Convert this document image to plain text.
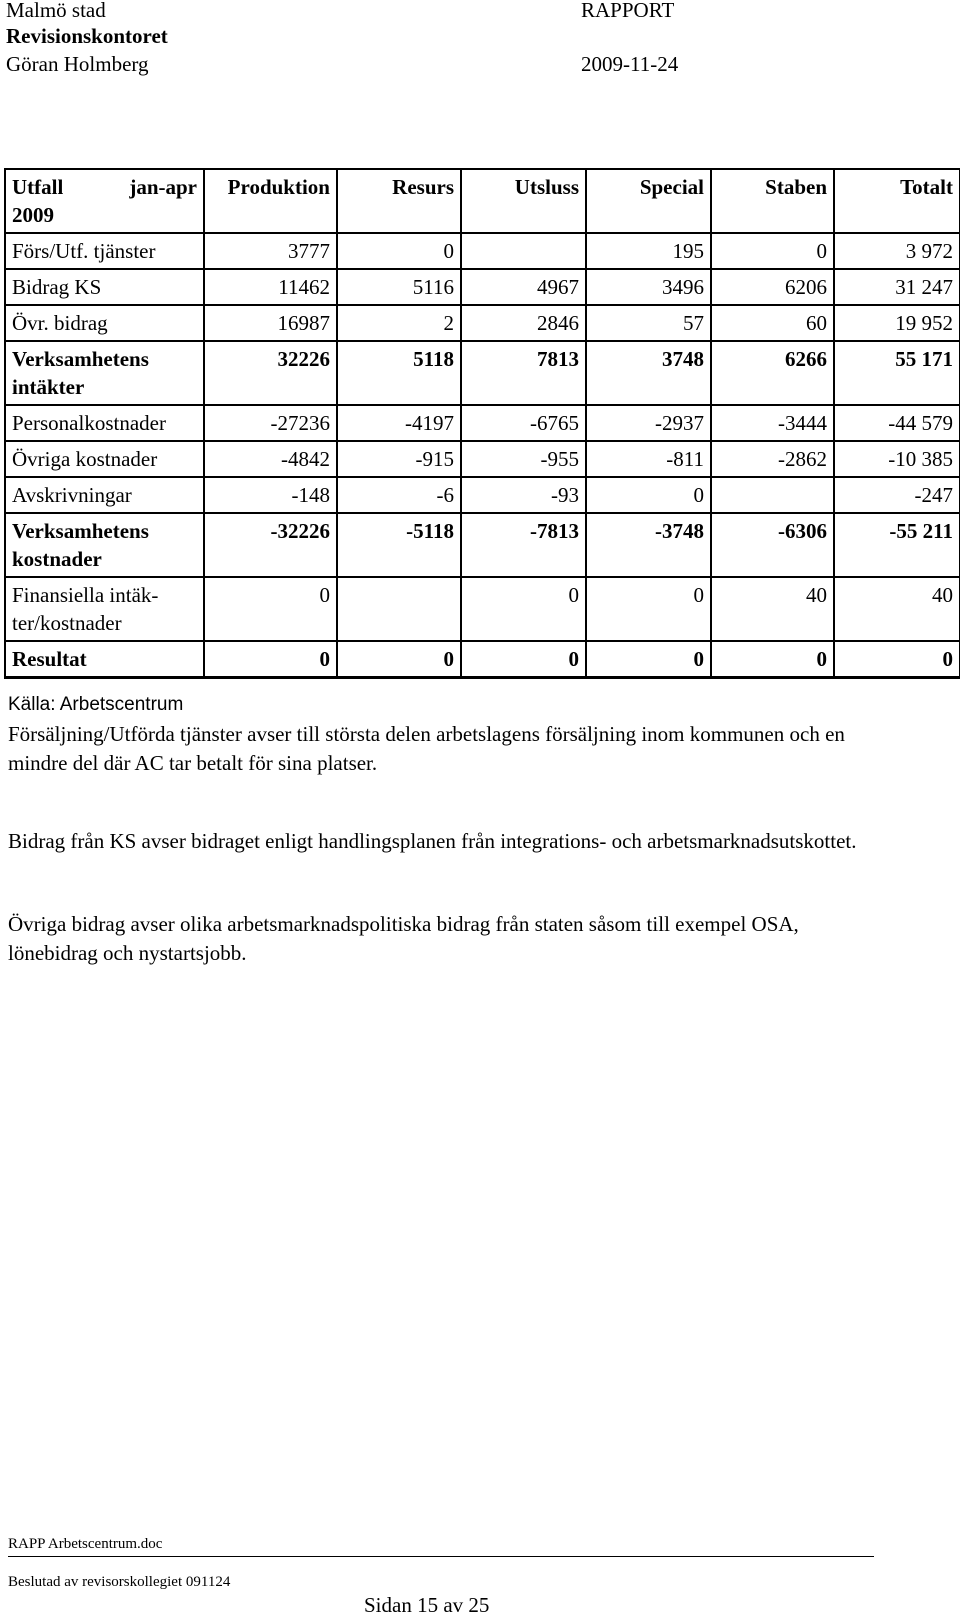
Malmö stad
Revisionskontoret
Göran Holmberg
RAPPORT
2009-11-24
Utfall jan-apr
2009	Produktion	Resurs	Utsluss	Special	Staben	Totalt
Förs/Utf. tjänster	3777	0		195	0	3 972
Bidrag KS	11462	5116	4967	3496	6206	31 247
Övr. bidrag	16987	2	2846	57	60	19 952
Verksamhetens intäkter	32226	5118	7813	3748	6266	55 171
Personalkostnader	-27236	-4197	-6765	-2937	-3444	-44 579
Övriga kostnader	-4842	-915	-955	-811	-2862	-10 385
Avskrivningar	-148	-6	-93	0		-247
Verksamhetens kostnader	-32226	-5118	-7813	-3748	-6306	-55 211
Finansiella intäk-ter/kostnader	0		0	0	40	40
Resultat	0	0	0	0	0	0
Källa: Arbetscentrum
Försäljning/Utförda tjänster avser till största delen arbetslagens försäljning inom kommunen och en mindre del där AC tar betalt för sina platser.
Bidrag från KS avser bidraget enligt handlingsplanen från integrations- och arbetsmarknadsutskottet.
Övriga bidrag avser olika arbetsmarknadspolitiska bidrag från staten såsom till exempel OSA, lönebidrag och nystartsjobb.
RAPP Arbetscentrum.doc
Beslutad av revisorskollegiet 091124
Sidan 15 av 25
